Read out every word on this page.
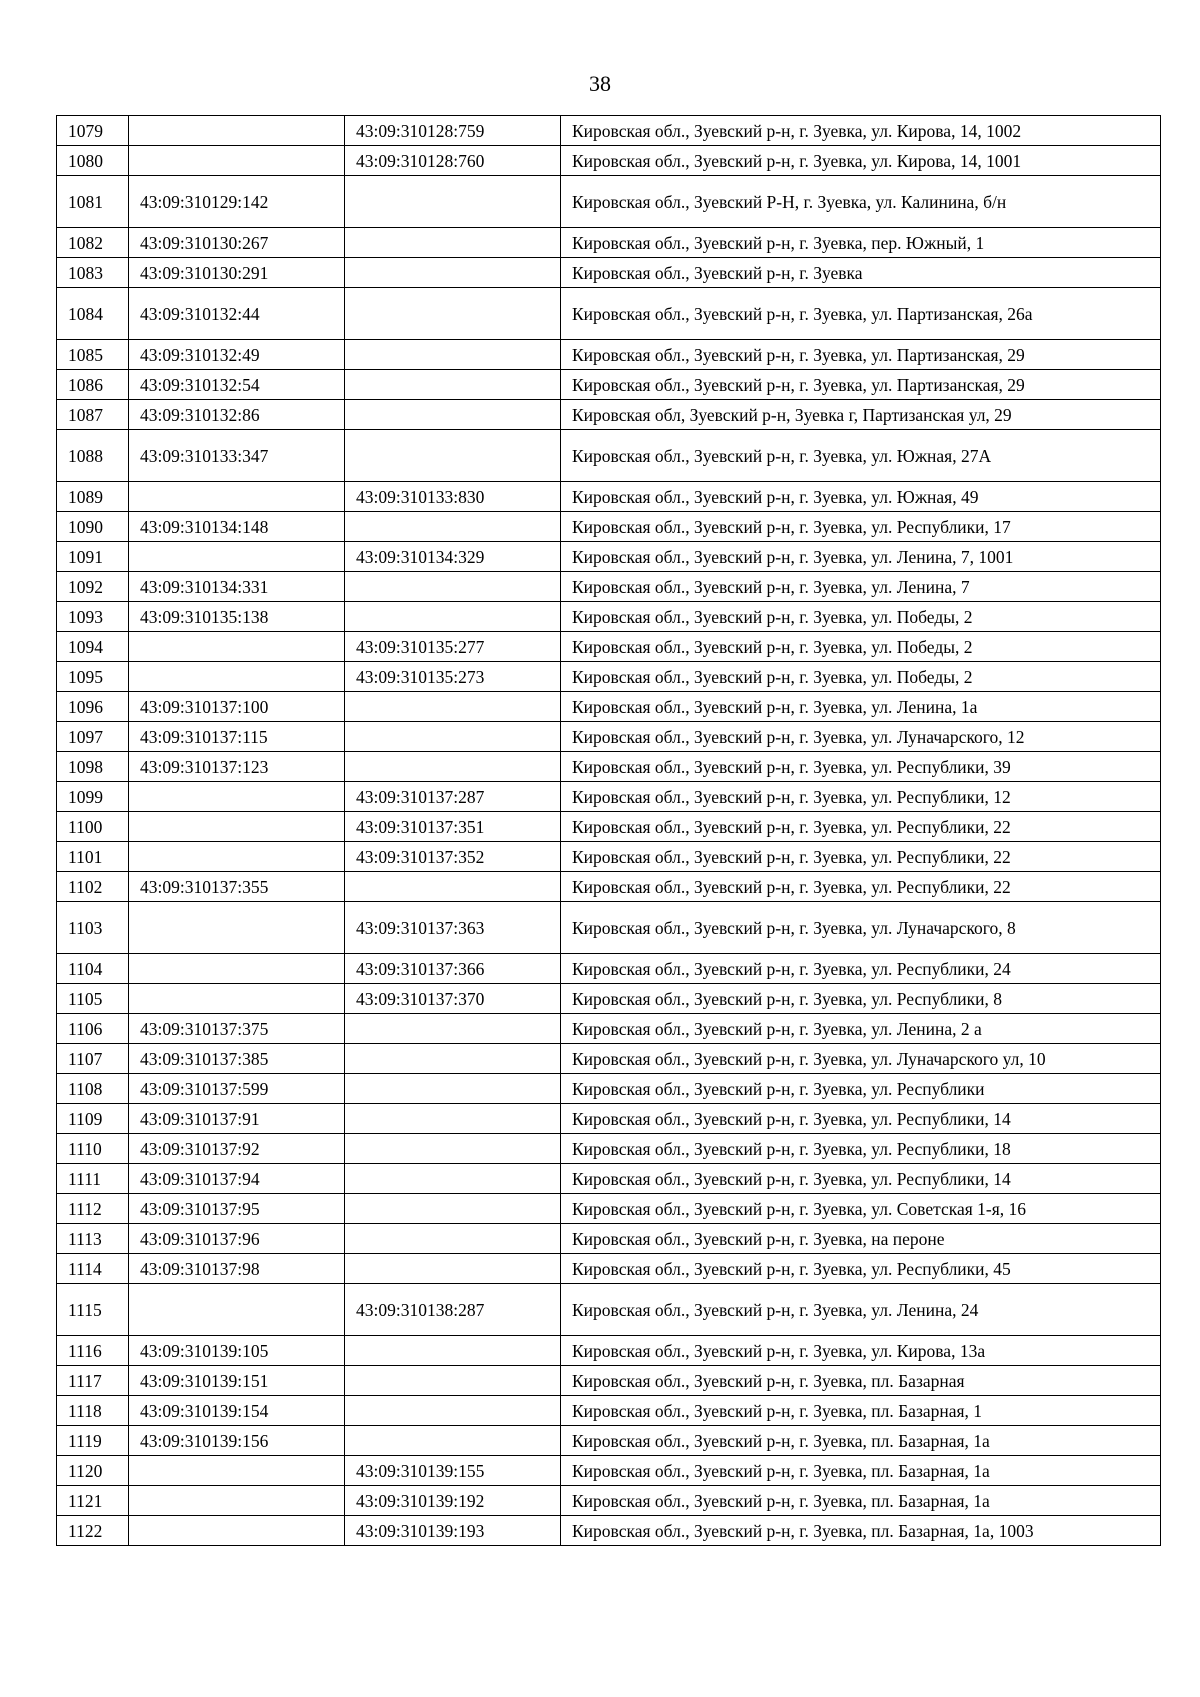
38
1079		43:09:310128:759	Кировская обл., Зуевский р-н, г. Зуевка, ул. Кирова, 14, 1002
1080		43:09:310128:760	Кировская обл., Зуевский р-н, г. Зуевка, ул. Кирова, 14, 1001
1081	43:09:310129:142		Кировская обл., Зуевский Р-Н, г. Зуевка, ул. Калинина, б/н
1082	43:09:310130:267		Кировская обл., Зуевский р-н, г. Зуевка, пер. Южный, 1
1083	43:09:310130:291		Кировская обл., Зуевский р-н, г. Зуевка
1084	43:09:310132:44		Кировская обл., Зуевский р-н, г. Зуевка, ул. Партизанская, 26а
1085	43:09:310132:49		Кировская обл., Зуевский р-н, г. Зуевка, ул. Партизанская, 29
1086	43:09:310132:54		Кировская обл., Зуевский р-н, г. Зуевка, ул. Партизанская, 29
1087	43:09:310132:86		Кировская обл, Зуевский р-н, Зуевка г, Партизанская ул, 29
1088	43:09:310133:347		Кировская обл., Зуевский р-н, г. Зуевка, ул. Южная, 27А
1089		43:09:310133:830	Кировская обл., Зуевский р-н, г. Зуевка, ул. Южная, 49
1090	43:09:310134:148		Кировская обл., Зуевский р-н, г. Зуевка, ул. Республики, 17
1091		43:09:310134:329	Кировская обл., Зуевский р-н, г. Зуевка, ул. Ленина, 7, 1001
1092	43:09:310134:331		Кировская обл., Зуевский р-н, г. Зуевка, ул. Ленина, 7
1093	43:09:310135:138		Кировская обл., Зуевский р-н, г. Зуевка, ул. Победы, 2
1094		43:09:310135:277	Кировская обл., Зуевский р-н, г. Зуевка, ул. Победы, 2
1095		43:09:310135:273	Кировская обл., Зуевский р-н, г. Зуевка, ул. Победы, 2
1096	43:09:310137:100		Кировская обл., Зуевский р-н, г. Зуевка, ул. Ленина, 1а
1097	43:09:310137:115		Кировская обл., Зуевский р-н, г. Зуевка, ул. Луначарского, 12
1098	43:09:310137:123		Кировская обл., Зуевский р-н, г. Зуевка, ул. Республики, 39
1099		43:09:310137:287	Кировская обл., Зуевский р-н, г. Зуевка, ул. Республики, 12
1100		43:09:310137:351	Кировская обл., Зуевский р-н, г. Зуевка, ул. Республики, 22
1101		43:09:310137:352	Кировская обл., Зуевский р-н, г. Зуевка, ул. Республики, 22
1102	43:09:310137:355		Кировская обл., Зуевский р-н, г. Зуевка, ул. Республики, 22
1103		43:09:310137:363	Кировская обл., Зуевский р-н, г. Зуевка, ул. Луначарского, 8
1104		43:09:310137:366	Кировская обл., Зуевский р-н, г. Зуевка, ул. Республики, 24
1105		43:09:310137:370	Кировская обл., Зуевский р-н, г. Зуевка, ул. Республики, 8
1106	43:09:310137:375		Кировская обл., Зуевский р-н, г. Зуевка, ул. Ленина, 2 а
1107	43:09:310137:385		Кировская обл., Зуевский р-н, г. Зуевка, ул. Луначарского ул, 10
1108	43:09:310137:599		Кировская обл., Зуевский р-н, г. Зуевка, ул. Республики
1109	43:09:310137:91		Кировская обл., Зуевский р-н, г. Зуевка, ул. Республики, 14
1110	43:09:310137:92		Кировская обл., Зуевский р-н, г. Зуевка, ул. Республики, 18
1111	43:09:310137:94		Кировская обл., Зуевский р-н, г. Зуевка, ул. Республики, 14
1112	43:09:310137:95		Кировская обл., Зуевский р-н, г. Зуевка, ул. Советская 1-я, 16
1113	43:09:310137:96		Кировская обл., Зуевский р-н, г. Зуевка, на пероне
1114	43:09:310137:98		Кировская обл., Зуевский р-н, г. Зуевка, ул. Республики, 45
1115		43:09:310138:287	Кировская обл., Зуевский р-н, г. Зуевка, ул. Ленина, 24
1116	43:09:310139:105		Кировская обл., Зуевский р-н, г. Зуевка, ул. Кирова, 13а
1117	43:09:310139:151		Кировская обл., Зуевский р-н, г. Зуевка, пл. Базарная
1118	43:09:310139:154		Кировская обл., Зуевский р-н, г. Зуевка, пл. Базарная, 1
1119	43:09:310139:156		Кировская обл., Зуевский р-н, г. Зуевка, пл. Базарная, 1а
1120		43:09:310139:155	Кировская обл., Зуевский р-н, г. Зуевка, пл. Базарная, 1а
1121		43:09:310139:192	Кировская обл., Зуевский р-н, г. Зуевка, пл. Базарная, 1а
1122		43:09:310139:193	Кировская обл., Зуевский р-н, г. Зуевка, пл. Базарная, 1а, 1003
